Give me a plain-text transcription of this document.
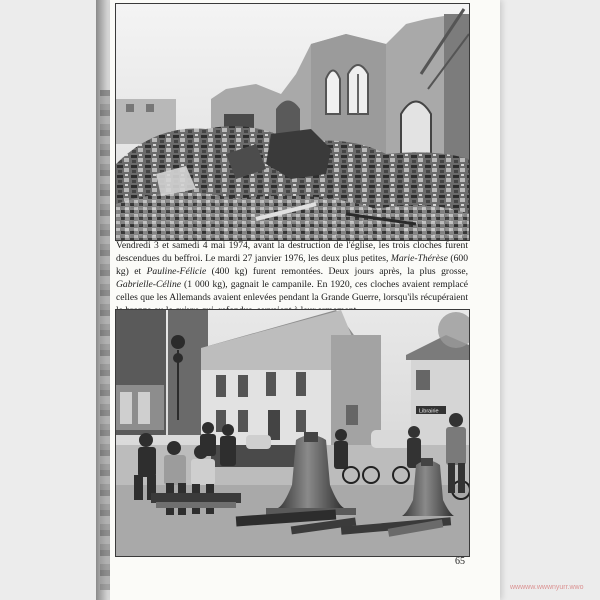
Vendredi 3 et samedi 4 mai 1974, avant la destruction de l'église, les trois cloches furent descendues du beffroi. Le mardi 27 janvier 1976, les deux plus petites, Marie-Thérèse (600 kg) et Pauline-Félicie (400 kg) furent remontées. Deux jours après, la plus grosse, Gabrielle-Céline (1 000 kg), gagnait le campanile. En 1920, ces cloches avaient remplacé celles que les Allemands avaient enlevées pendant la Grande Guerre, lorsqu'ils récupéraient
Librairie
65
wwwww.wwwnyurr.wwo
